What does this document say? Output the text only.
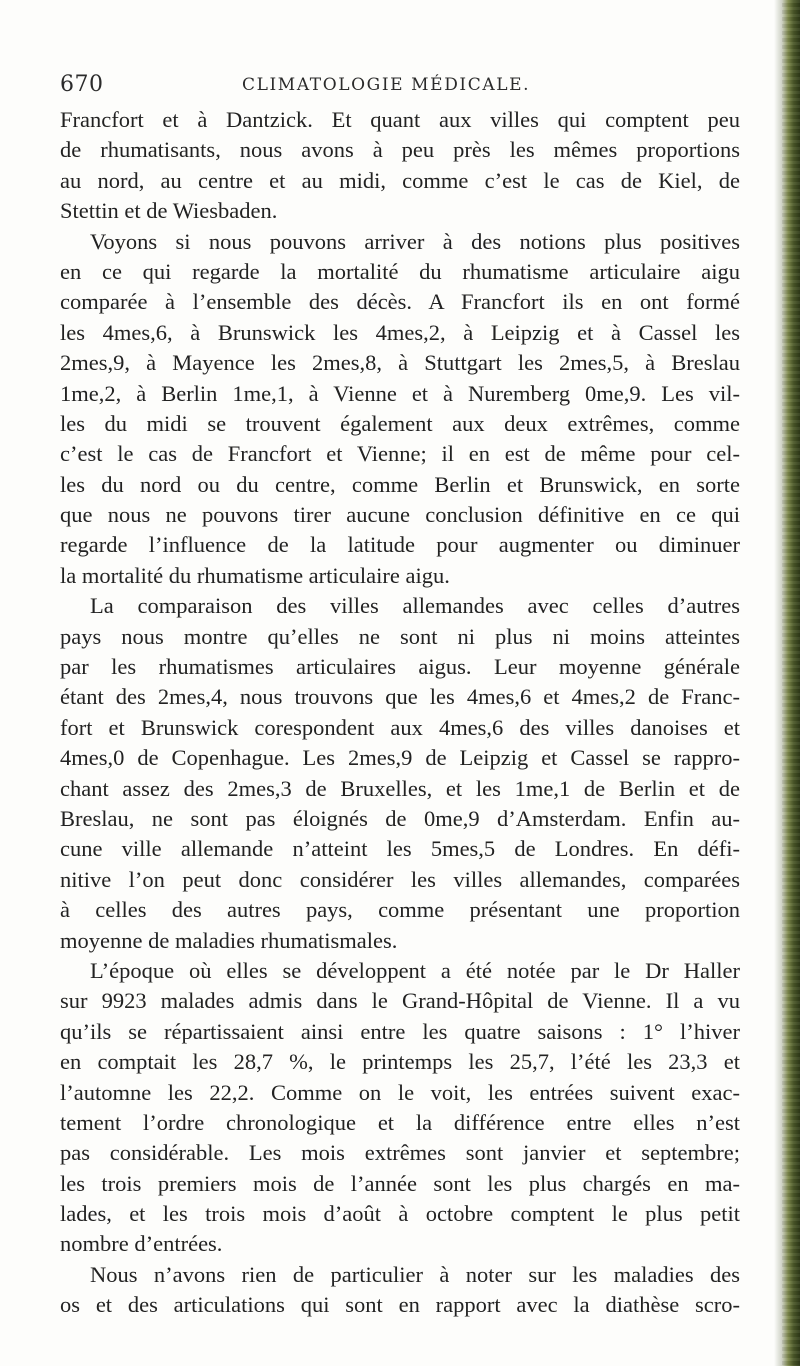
670	CLIMATOLOGIE MÉDICALE.
Francfort et à Dantzick. Et quant aux villes qui comptent peu
de rhumatisants, nous avons à peu près les mêmes proportions
au nord, au centre et au midi, comme c’est le cas de Kiel, de
Stettin et de Wiesbaden.
Voyons si nous pouvons arriver à des notions plus positives
en ce qui regarde la mortalité du rhumatisme articulaire aigu
comparée à l’ensemble des décès. A Francfort ils en ont formé
les 4mes,6, à Brunswick les 4mes,2, à Leipzig et à Cassel les
2mes,9, à Mayence les 2mes,8, à Stuttgart les 2mes,5, à Breslau
1me,2, à Berlin 1me,1, à Vienne et à Nuremberg 0me,9. Les vil-
les du midi se trouvent également aux deux extrêmes, comme
c’est le cas de Francfort et Vienne; il en est de même pour cel-
les du nord ou du centre, comme Berlin et Brunswick, en sorte
que nous ne pouvons tirer aucune conclusion définitive en ce qui
regarde l’influence de la latitude pour augmenter ou diminuer
la mortalité du rhumatisme articulaire aigu.
La comparaison des villes allemandes avec celles d’autres
pays nous montre qu’elles ne sont ni plus ni moins atteintes
par les rhumatismes articulaires aigus. Leur moyenne générale
étant des 2mes,4, nous trouvons que les 4mes,6 et 4mes,2 de Franc-
fort et Brunswick corespondent aux 4mes,6 des villes danoises et
4mes,0 de Copenhague. Les 2mes,9 de Leipzig et Cassel se rappro-
chant assez des 2mes,3 de Bruxelles, et les 1me,1 de Berlin et de
Breslau, ne sont pas éloignés de 0me,9 d’Amsterdam. Enfin au-
cune ville allemande n’atteint les 5mes,5 de Londres. En défi-
nitive l’on peut donc considérer les villes allemandes, comparées
à celles des autres pays, comme présentant une proportion
moyenne de maladies rhumatismales.
L’époque où elles se développent a été notée par le Dr Haller
sur 9923 malades admis dans le Grand-Hôpital de Vienne. Il a vu
qu’ils se répartissaient ainsi entre les quatre saisons : 1° l’hiver
en comptait les 28,7 %, le printemps les 25,7, l’été les 23,3 et
l’automne les 22,2. Comme on le voit, les entrées suivent exac-
tement l’ordre chronologique et la différence entre elles n’est
pas considérable. Les mois extrêmes sont janvier et septembre;
les trois premiers mois de l’année sont les plus chargés en ma-
lades, et les trois mois d’août à octobre comptent le plus petit
nombre d’entrées.
Nous n’avons rien de particulier à noter sur les maladies des
os et des articulations qui sont en rapport avec la diathèse scro-
